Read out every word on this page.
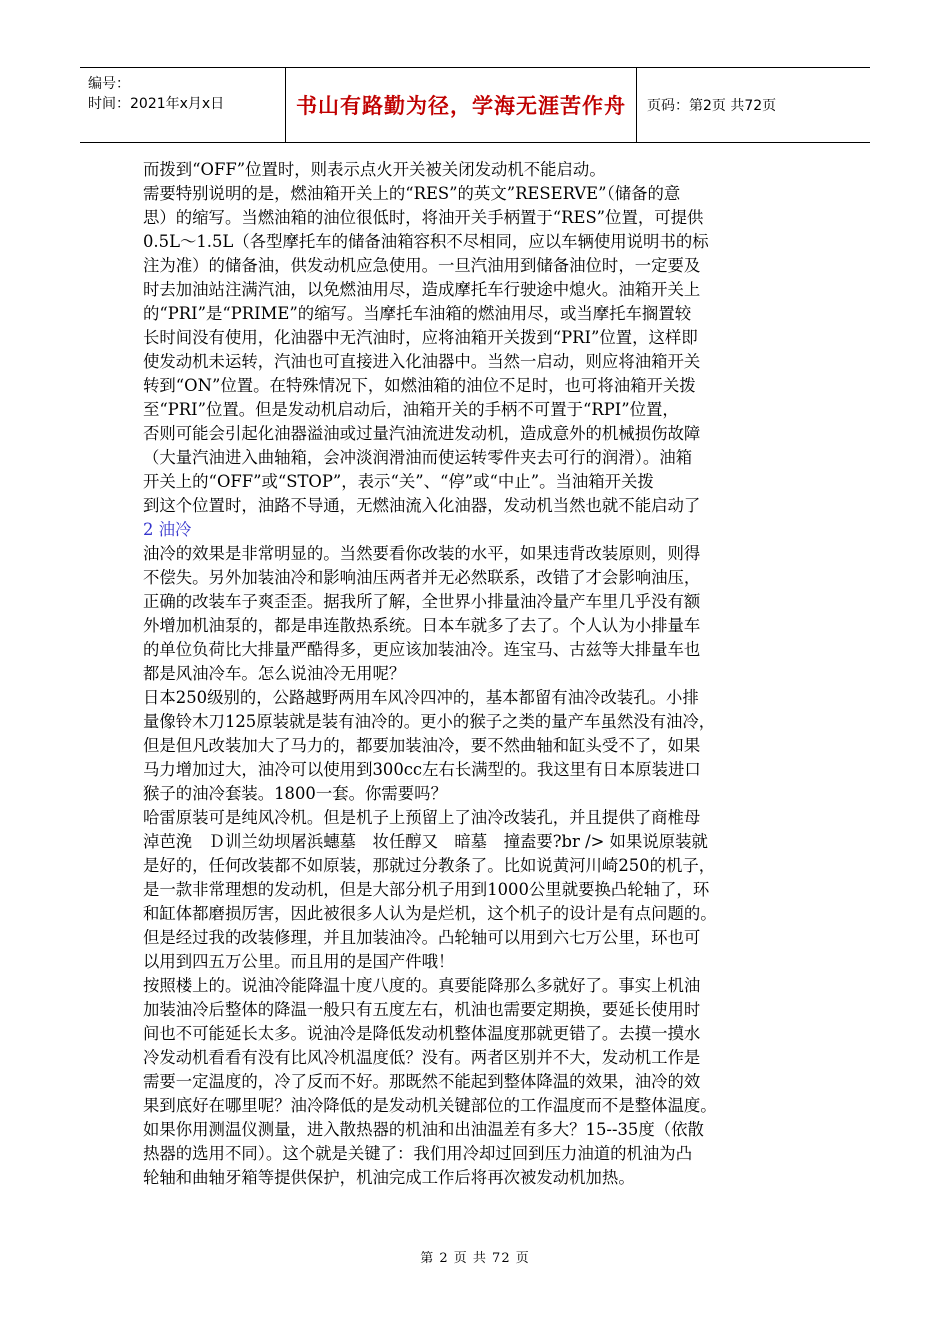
编号：
时间：2021年x月x日	书山有路勤为径，学海无涯苦作舟	页码：第2页 共72页
而拨到“OFF”位置时，则表示点火开关被关闭发动机不能启动。
需要特别说明的是，燃油箱开关上的“RES”的英文”RESERVE”（储备的意
思）的缩写。当燃油箱的油位很低时，将油开关手柄置于“RES”位置，可提供
0.5L～1.5L（各型摩托车的储备油箱容积不尽相同，应以车辆使用说明书的标
注为准）的储备油，供发动机应急使用。一旦汽油用到储备油位时，一定要及
时去加油站注满汽油，以免燃油用尽，造成摩托车行驶途中熄火。油箱开关上
的“PRI”是“PRIME”的缩写。当摩托车油箱的燃油用尽，或当摩托车搁置较
长时间没有使用，化油器中无汽油时，应将油箱开关拨到“PRI”位置，这样即
使发动机未运转，汽油也可直接进入化油器中。当然一启动，则应将油箱开关
转到“ON”位置。在特殊情况下，如燃油箱的油位不足时，也可将油箱开关拨
至“PRI”位置。但是发动机启动后，油箱开关的手柄不可置于“RPI”位置，
否则可能会引起化油器溢油或过量汽油流进发动机，造成意外的机械损伤故障
（大量汽油进入曲轴箱，会冲淡润滑油而使运转零件夹去可行的润滑）。油箱
开关上的“OFF”或“STOP”，表示“关”、“停”或“中止”。当油箱开关拨
到这个位置时，油路不导通，无燃油流入化油器，发动机当然也就不能启动了
2 油冷
油冷的效果是非常明显的。当然要看你改装的水平，如果违背改装原则，则得
不偿失。另外加装油冷和影响油压两者并无必然联系，改错了才会影响油压，
正确的改装车子爽歪歪。据我所了解，全世界小排量油冷量产车里几乎没有额
外增加机油泵的，都是串连散热系统。日本车就多了去了。个人认为小排量车
的单位负荷比大排量严酷得多，更应该加装油冷。连宝马、古兹等大排量车也
都是风油冷车。怎么说油冷无用呢？
日本250级别的，公路越野两用车风冷四冲的，基本都留有油冷改装孔。小排
量像铃木刀125原装就是装有油冷的。更小的猴子之类的量产车虽然没有油冷，
但是但凡改装加大了马力的，都要加装油冷，要不然曲轴和缸头受不了，如果
马力增加过大，油冷可以使用到300cc左右长满型的。我这里有日本原装进口
猴子的油冷套装。1800一套。你需要吗？
哈雷原装可是纯风冷机。但是机子上预留上了油冷改装孔，并且提供了商椎母
淖芭浼　Ｄ训兰幼坝屠浜蟪墓　妆任醇又　暗墓　撞盍要?br /> 如果说原装就
是好的，任何改装都不如原装，那就过分教条了。比如说黄河川崎250的机子，
是一款非常理想的发动机，但是大部分机子用到1000公里就要换凸轮轴了，环
和缸体都磨损厉害，因此被很多人认为是烂机，这个机子的设计是有点问题的。
但是经过我的改装修理，并且加装油冷。凸轮轴可以用到六七万公里，环也可
以用到四五万公里。而且用的是国产件哦！
按照楼上的。说油冷能降温十度八度的。真要能降那么多就好了。事实上机油
加装油冷后整体的降温一般只有五度左右，机油也需要定期换，要延长使用时
间也不可能延长太多。说油冷是降低发动机整体温度那就更错了。去摸一摸水
冷发动机看看有没有比风冷机温度低？没有。两者区别并不大，发动机工作是
需要一定温度的，冷了反而不好。那既然不能起到整体降温的效果，油冷的效
果到底好在哪里呢？油冷降低的是发动机关键部位的工作温度而不是整体温度。
如果你用测温仪测量，进入散热器的机油和出油温差有多大？15--35度（依散
热器的选用不同）。这个就是关键了：我们用冷却过回到压力油道的机油为凸
轮轴和曲轴牙箱等提供保护，机油完成工作后将再次被发动机加热。
第 2 页 共 72 页
